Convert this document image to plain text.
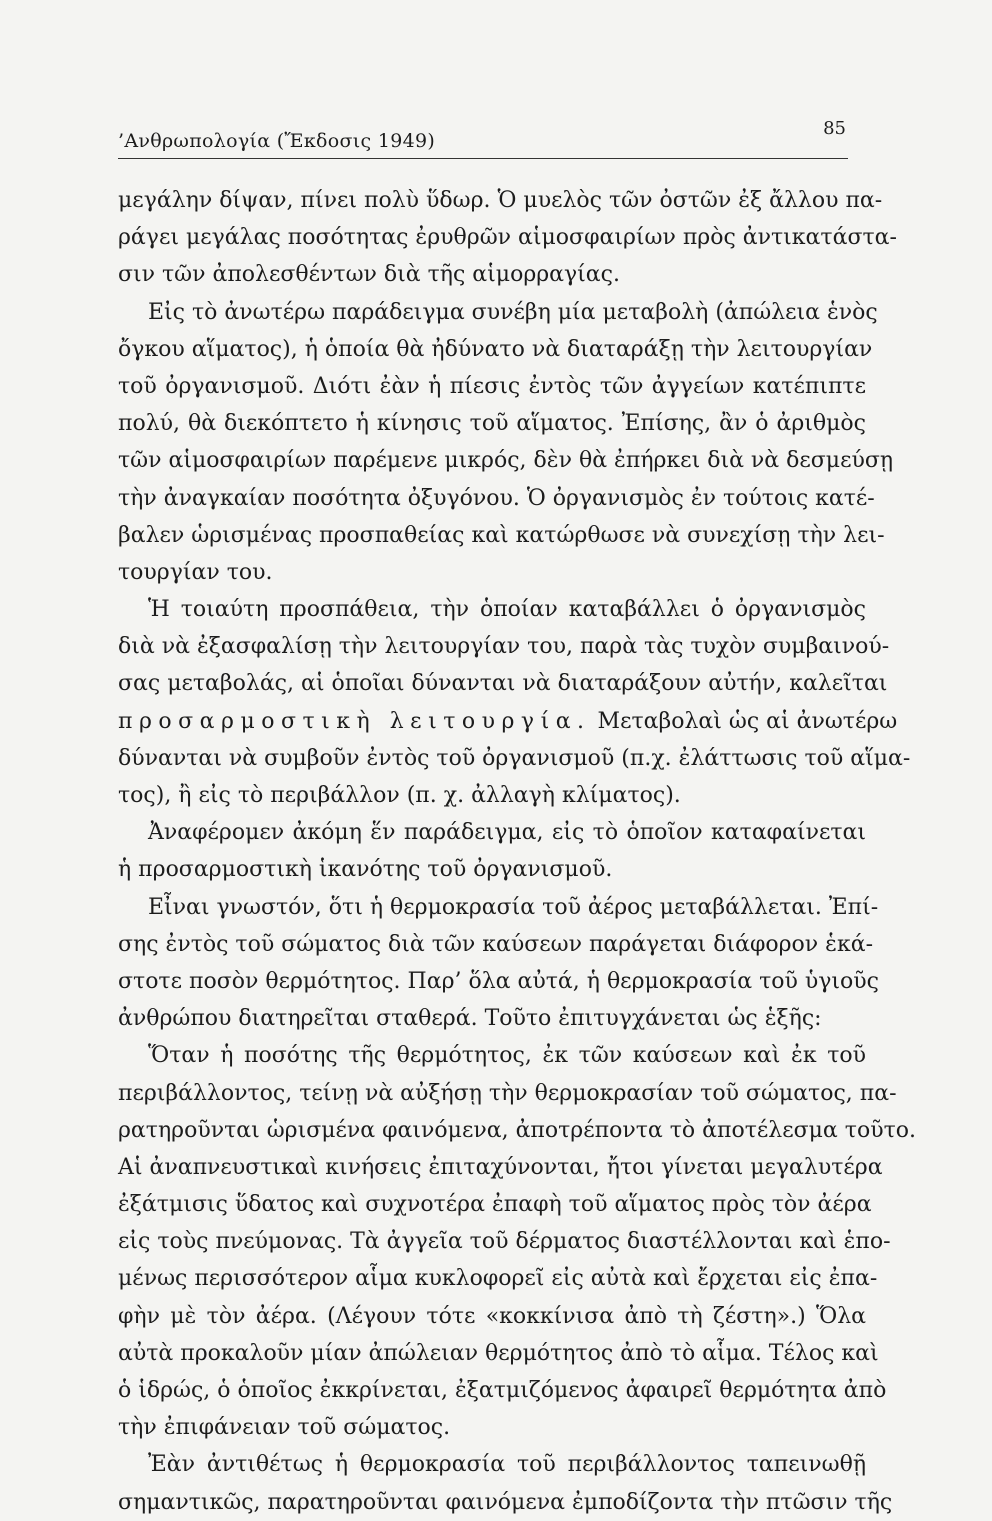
’Ανθρωπολογία (Ἔκδοσις 1949)
85
μεγάλην δίψαν, πίνει πολὺ ὕδωρ. Ὁ μυελὸς τῶν ὀστῶν ἐξ ἄλλου πα-
ράγει μεγάλας ποσότητας ἐρυθρῶν αἱμοσφαιρίων πρὸς ἀντικατάστα-
σιν τῶν ἀπολεσθέντων διὰ τῆς αἱμορραγίας.
Εἰς τὸ ἀνωτέρω παράδειγμα συνέβη μία μεταβολὴ (ἀπώλεια ἑνὸς
ὄγκου αἵματος), ἡ ὁποία θὰ ἠδύνατο νὰ διαταράξῃ τὴν λειτουργίαν
τοῦ ὀργανισμοῦ. Διότι ἐὰν ἡ πίεσις ἐντὸς τῶν ἀγγείων κατέπιπτε
πολύ, θὰ διεκόπτετο ἡ κίνησις τοῦ αἵματος. Ἐπίσης, ἂν ὁ ἀριθμὸς
τῶν αἱμοσφαιρίων παρέμενε μικρός, δὲν θὰ ἐπήρκει διὰ νὰ δεσμεύσῃ
τὴν ἀναγκαίαν ποσότητα ὀξυγόνου. Ὁ ὀργανισμὸς ἐν τούτοις κατέ-
βαλεν ὡρισμένας προσπαθείας καὶ κατώρθωσε νὰ συνεχίσῃ τὴν λει-
τουργίαν του.
Ἡ τοιαύτη προσπάθεια, τὴν ὁποίαν καταβάλλει ὁ ὀργανισμὸς
διὰ νὰ ἐξασφαλίσῃ τὴν λειτουργίαν του, παρὰ τὰς τυχὸν συμβαινού-
σας μεταβολάς, αἱ ὁποῖαι δύνανται νὰ διαταράξουν αὐτήν, καλεῖται
προσαρμοστικὴ λειτουργία. Μεταβολαὶ ὡς αἱ ἀνωτέρω
δύνανται νὰ συμβοῦν ἐντὸς τοῦ ὀργανισμοῦ (π.χ. ἐλάττωσις τοῦ αἵμα-
τος), ἢ εἰς τὸ περιβάλλον (π. χ. ἀλλαγὴ κλίματος).
Ἀναφέρομεν ἀκόμη ἕν παράδειγμα, εἰς τὸ ὁποῖον καταφαίνεται
ἡ προσαρμοστικὴ ἱκανότης τοῦ ὀργανισμοῦ.
Εἶναι γνωστόν, ὅτι ἡ θερμοκρασία τοῦ ἀέρος μεταβάλλεται. Ἐπί-
σης ἐντὸς τοῦ σώματος διὰ τῶν καύσεων παράγεται διάφορον ἑκά-
στοτε ποσὸν θερμότητος. Παρ’ ὅλα αὐτά, ἡ θερμοκρασία τοῦ ὑγιοῦς
ἀνθρώπου διατηρεῖται σταθερά. Τοῦτο ἐπιτυγχάνεται ὡς ἑξῆς:
Ὅταν ἡ ποσότης τῆς θερμότητος, ἐκ τῶν καύσεων καὶ ἐκ τοῦ
περιβάλλοντος, τείνῃ νὰ αὐξήσῃ τὴν θερμοκρασίαν τοῦ σώματος, πα-
ρατηροῦνται ὡρισμένα φαινόμενα, ἀποτρέποντα τὸ ἀποτέλεσμα τοῦτο.
Αἱ ἀναπνευστικαὶ κινήσεις ἐπιταχύνονται, ἤτοι γίνεται μεγαλυτέρα
ἐξάτμισις ὕδατος καὶ συχνοτέρα ἐπαφὴ τοῦ αἵματος πρὸς τὸν ἀέρα
εἰς τοὺς πνεύμονας. Τὰ ἀγγεῖα τοῦ δέρματος διαστέλλονται καὶ ἑπο-
μένως περισσότερον αἷμα κυκλοφορεῖ εἰς αὐτὰ καὶ ἔρχεται εἰς ἐπα-
φὴν μὲ τὸν ἀέρα. (Λέγουν τότε «κοκκίνισα ἀπὸ τὴ ζέστη».) Ὅλα
αὐτὰ προκαλοῦν μίαν ἀπώλειαν θερμότητος ἀπὸ τὸ αἷμα. Τέλος καὶ
ὁ ἱδρώς, ὁ ὁποῖος ἐκκρίνεται, ἐξατμιζόμενος ἀφαιρεῖ θερμότητα ἀπὸ
τὴν ἐπιφάνειαν τοῦ σώματος.
Ἐὰν ἀντιθέτως ἡ θερμοκρασία τοῦ περιβάλλοντος ταπεινωθῇ
σημαντικῶς, παρατηροῦνται φαινόμενα ἐμποδίζοντα τὴν πτῶσιν τῆς
